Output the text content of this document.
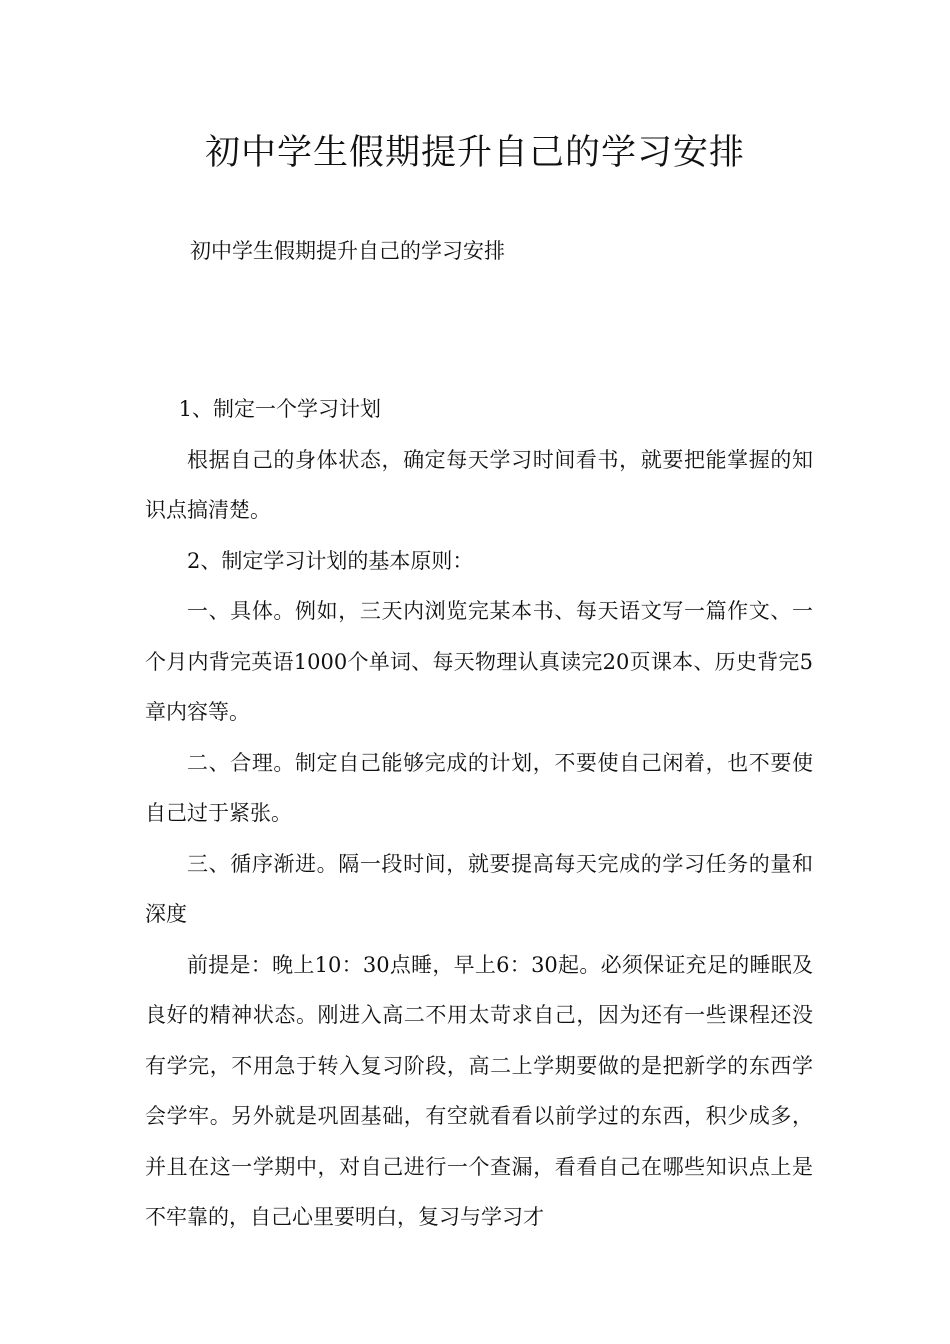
初中学生假期提升自己的学习安排

初中学生假期提升自己的学习安排

1、制定一个学习计划

根据自己的身体状态，确定每天学习时间看书，就要把能掌握的知识点搞清楚。

2、制定学习计划的基本原则：

一、具体。例如，三天内浏览完某本书、每天语文写一篇作文、一个月内背完英语1000个单词、每天物理认真读完20页课本、历史背完5章内容等。

二、合理。制定自己能够完成的计划，不要使自己闲着，也不要使自己过于紧张。

三、循序渐进。隔一段时间，就要提高每天完成的学习任务的量和深度

前提是：晚上10：30点睡，早上6：30起。必须保证充足的睡眠及良好的精神状态。刚进入高二不用太苛求自己，因为还有一些课程还没有学完，不用急于转入复习阶段，高二上学期要做的是把新学的东西学会学牢。另外就是巩固基础，有空就看看以前学过的东西，积少成多，并且在这一学期中，对自己进行一个查漏，看看自己在哪些知识点上是不牢靠的，自己心里要明白，复习与学习才
